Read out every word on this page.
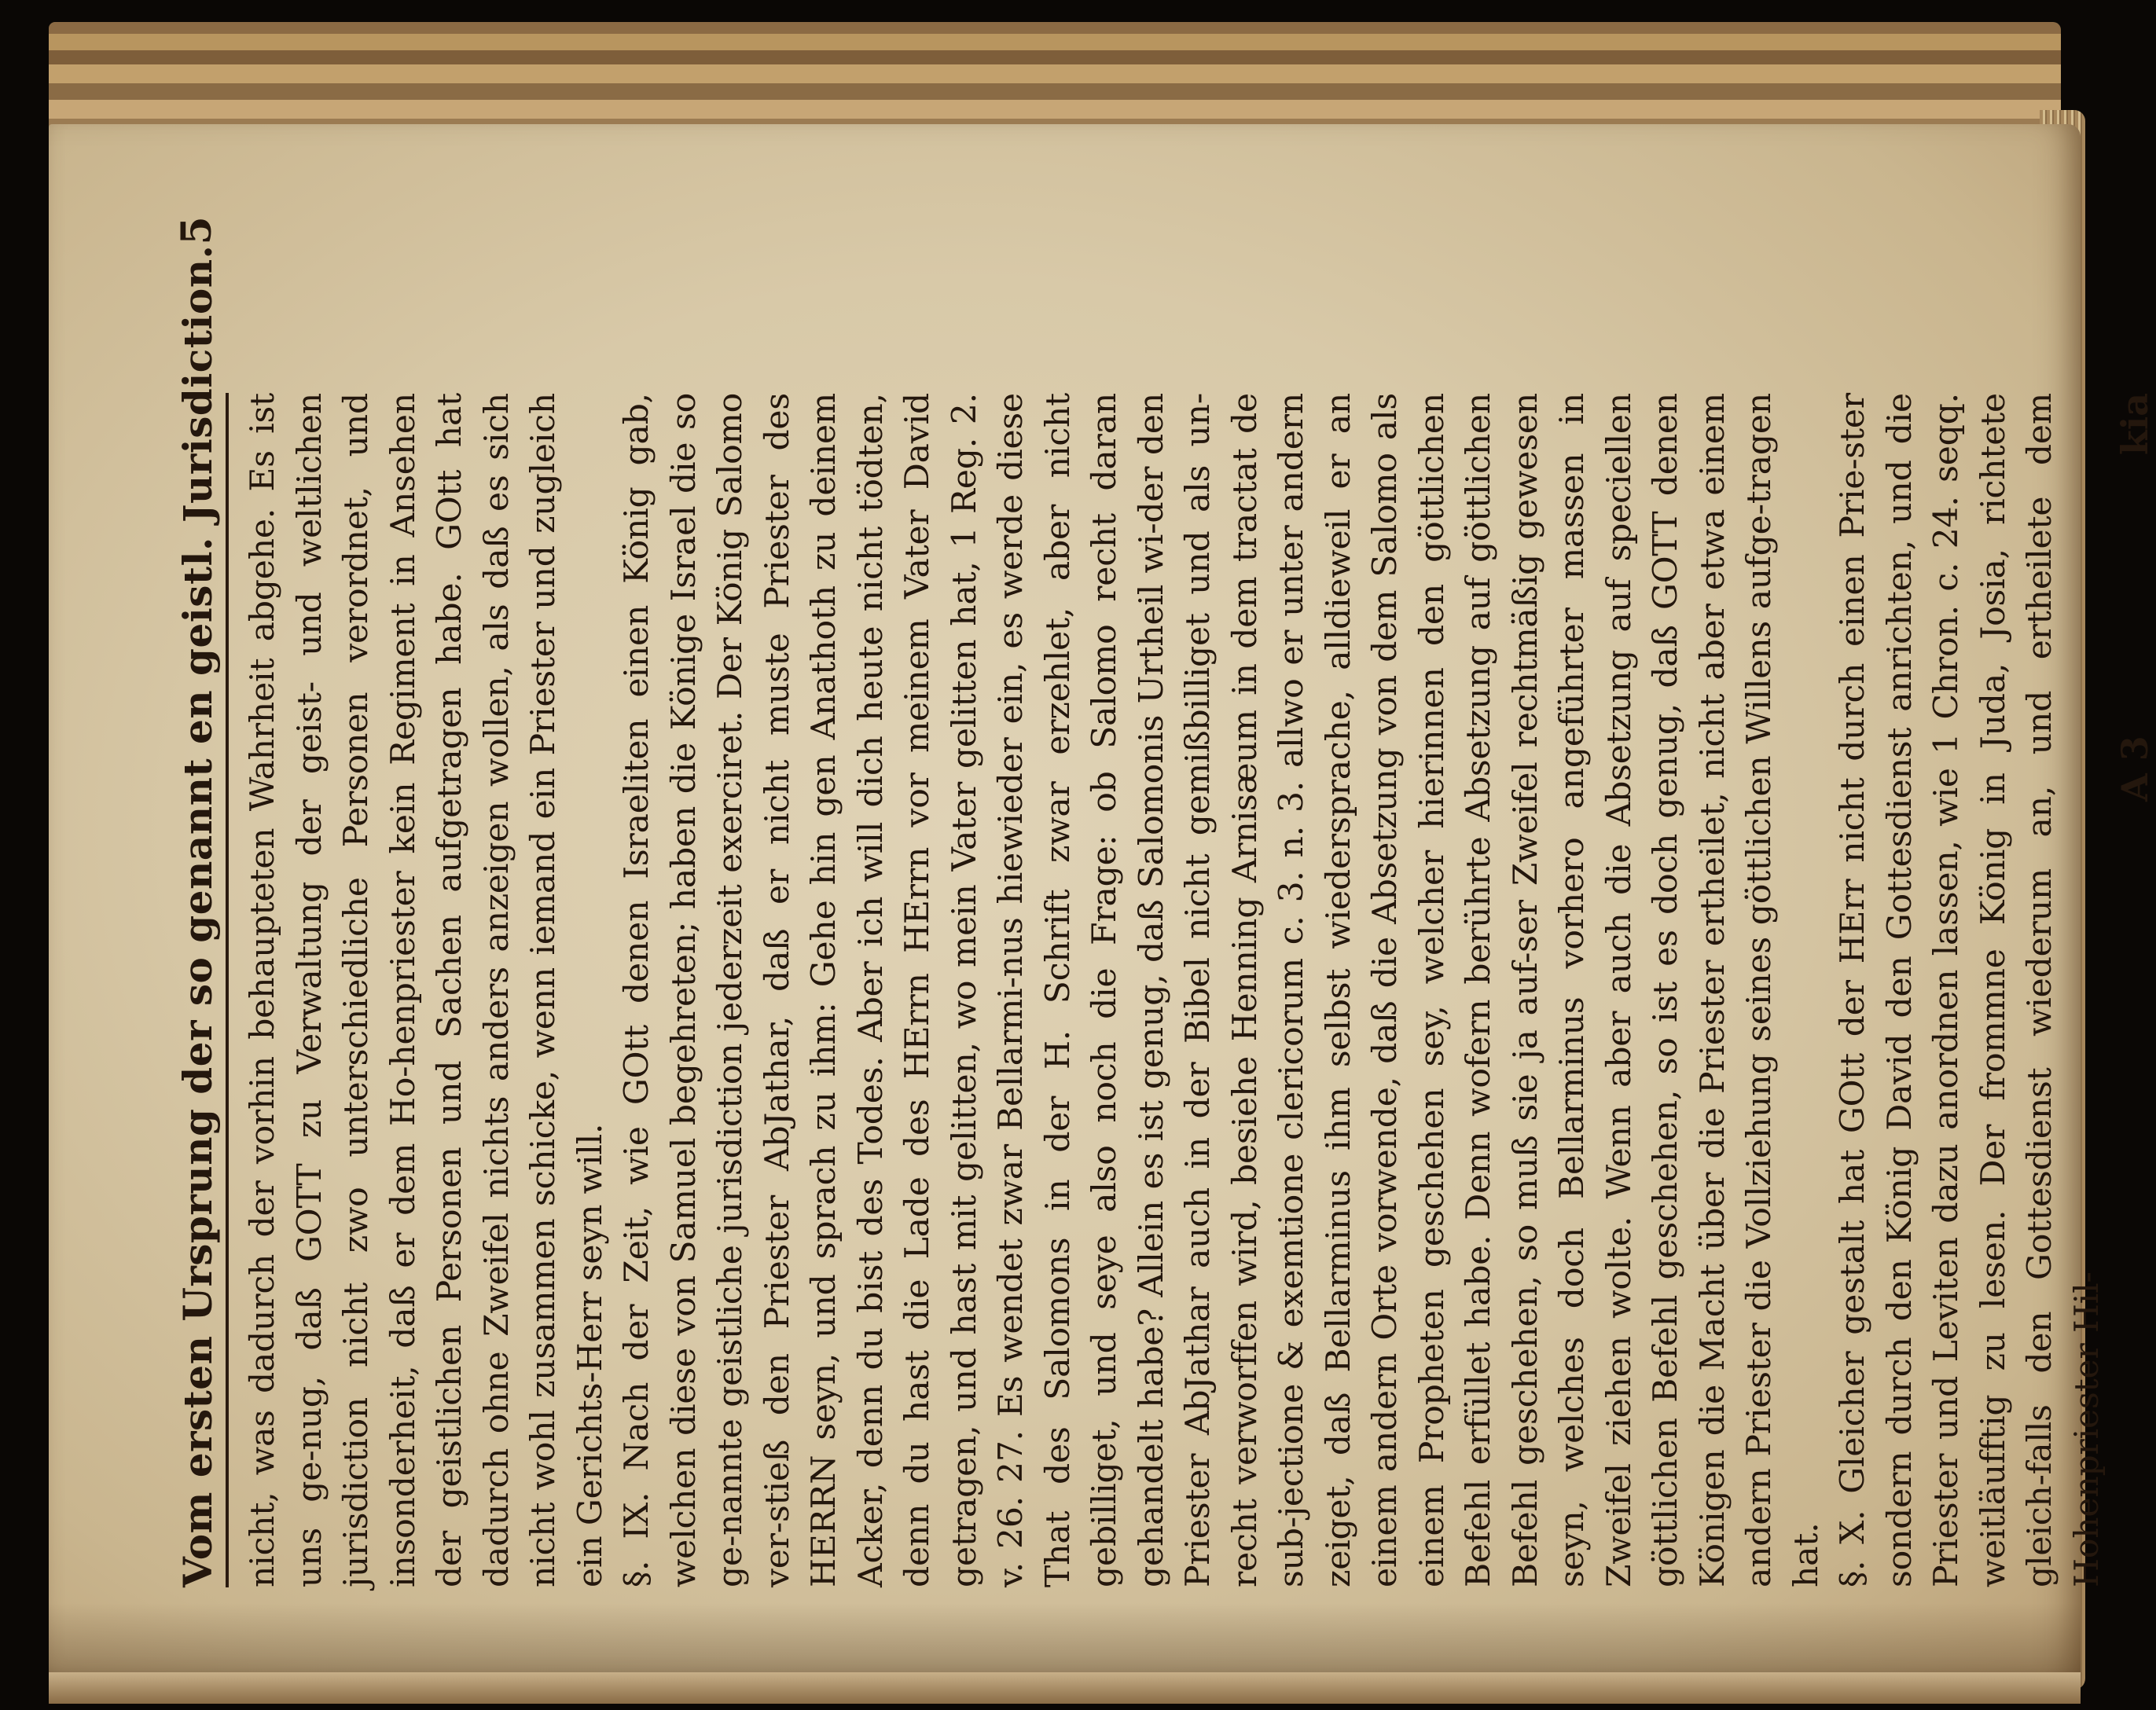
Vom ersten Ursprung der so genannt en geistl. Jurisdiction.
5

nicht, was dadurch der vorhin behaupteten Wahrheit abgehe. Es ist uns ge-nug, daß GOTT zu Verwaltung der geist- und weltlichen jurisdiction nicht zwo unterschiedliche Personen verordnet, und insonderheit, daß er dem Ho-henpriester kein Regiment in Ansehen der geistlichen Personen und Sachen aufgetragen habe. GOtt hat dadurch ohne Zweifel nichts anders anzeigen wollen, als daß es sich nicht wohl zusammen schicke, wenn iemand ein Priester und zugleich ein Gerichts-Herr seyn will. §. IX. Nach der Zeit, wie GOtt denen Israeliten einen König gab, welchen diese von Samuel begehreten; haben die Könige Israel die so ge-nannte geistliche jurisdiction jederzeit exerciret. Der König Salomo ver-stieß den Priester AbJathar, daß er nicht muste Priester des HERRN seyn, und sprach zu ihm: Gehe hin gen Anathoth zu deinem Acker, denn du bist des Todes. Aber ich will dich heute nicht tödten, denn du hast die Lade des HErrn HErrn vor meinem Vater David getragen, und hast mit gelitten, wo mein Vater gelitten hat, 1 Reg. 2. v. 26. 27. Es wendet zwar Bellarmi-nus hiewieder ein, es werde diese That des Salomons in der H. Schrift zwar erzehlet, aber nicht gebilliget, und seye also noch die Frage: ob Salomo recht daran gehandelt habe? Allein es ist genug, daß Salomonis Urtheil wi-der den Priester AbJathar auch in der Bibel nicht gemißbilliget und als un-recht verworffen wird, besiehe Henning Arnisæum in dem tractat de sub-jectione & exemtione clericorum c. 3. n. 3. allwo er unter andern zeiget, daß Bellarminus ihm selbst wiedersprache, alldieweil er an einem andern Orte vorwende, daß die Absetzung von dem Salomo als einem Propheten geschehen sey, welcher hierinnen den göttlichen Befehl erfüllet habe. Denn wofern berührte Absetzung auf göttlichen Befehl geschehen, so muß sie ja auf-ser Zweifel rechtmäßig gewesen seyn, welches doch Bellarminus vorhero angeführter massen in Zweifel ziehen wolte. Wenn aber auch die Absetzung auf speciellen göttlichen Befehl geschehen, so ist es doch genug, daß GOTT denen Königen die Macht über die Priester ertheilet, nicht aber etwa einem andern Priester die Vollziehung seines göttlichen Willens aufge-tragen hat. §. X. Gleicher gestalt hat GOtt der HErr nicht durch einen Prie-ster sondern durch den König David den Gottesdienst anrichten, und die Priester und Leviten dazu anordnen lassen, wie 1 Chron. c. 24. seqq. weitläufftig zu lesen. Der frommne König in Juda, Josia, richtete gleich-falls den Gottesdienst wiederum an, und ertheilete dem Hohenpriester Hil-

A 3
kia
